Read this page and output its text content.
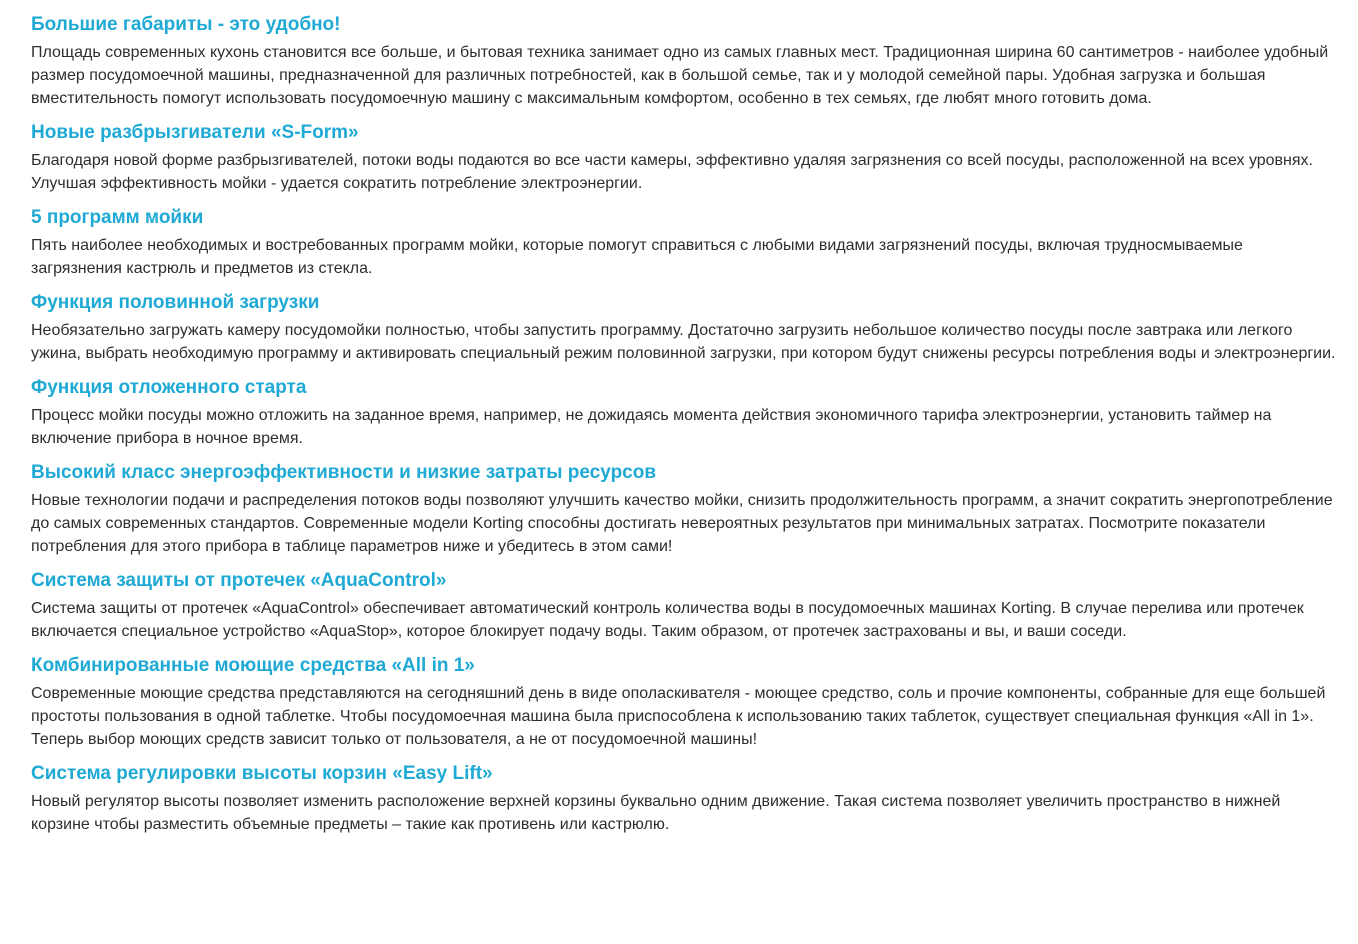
Большие габариты - это удобно!

Площадь современных кухонь становится все больше, и бытовая техника занимает одно из самых главных мест. Традиционная ширина 60 сантиметров - наиболее удобный размер посудомоечной машины, предназначенной для различных потребностей, как в большой семье, так и у молодой семейной пары. Удобная загрузка и большая вместительность помогут использовать посудомоечную машину с максимальным комфортом, особенно в тех семьях, где любят много готовить дома.

Новые разбрызгиватели «S-Form»

Благодаря новой форме разбрызгивателей, потоки воды подаются во все части камеры, эффективно удаляя загрязнения со всей посуды, расположенной на всех уровнях. Улучшая эффективность мойки - удается сократить потребление электроэнергии.

5 программ мойки

Пять наиболее необходимых и востребованных программ мойки, которые помогут справиться с любыми видами загрязнений посуды, включая трудносмываемые загрязнения кастрюль и предметов из стекла.

Функция половинной загрузки

Необязательно загружать камеру посудомойки полностью, чтобы запустить программу. Достаточно загрузить небольшое количество посуды после завтрака или легкого ужина, выбрать необходимую программу и активировать специальный режим половинной загрузки, при котором будут снижены ресурсы потребления воды и электроэнергии.

Функция отложенного старта

Процесс мойки посуды можно отложить на заданное время, например, не дожидаясь момента действия экономичного тарифа электроэнергии, установить таймер на включение прибора в ночное время.

Высокий класс энергоэффективности и низкие затраты ресурсов

Новые технологии подачи и распределения потоков воды позволяют улучшить качество мойки, снизить продолжительность программ, а значит сократить энергопотребление до самых современных стандартов. Современные модели Korting способны достигать невероятных результатов при минимальных затратах. Посмотрите показатели потребления для этого прибора в таблице параметров ниже и убедитесь в этом сами!

Система защиты от протечек «AquaControl»

Система защиты от протечек «AquaControl» обеспечивает автоматический контроль количества воды в посудомоечных машинах Korting. В случае перелива или протечек включается специальное устройство «AquaStop», которое блокирует подачу воды. Таким образом, от протечек застрахованы и вы, и ваши соседи.

Комбинированные моющие средства «All in 1»

Современные моющие средства представляются на сегодняшний день в виде ополаскивателя - моющее средство, соль и прочие компоненты, собранные для еще большей простоты пользования в одной таблетке. Чтобы посудомоечная машина была приспособлена к использованию таких таблеток, существует специальная функция «All in 1». Теперь выбор моющих средств зависит только от пользователя, а не от посудомоечной машины!

Система регулировки высоты корзин «Easy Lift»

Новый регулятор высоты позволяет изменить расположение верхней корзины буквально одним движение. Такая система позволяет увеличить пространство в нижней корзине чтобы разместить объемные предметы – такие как противень или кастрюлю.
